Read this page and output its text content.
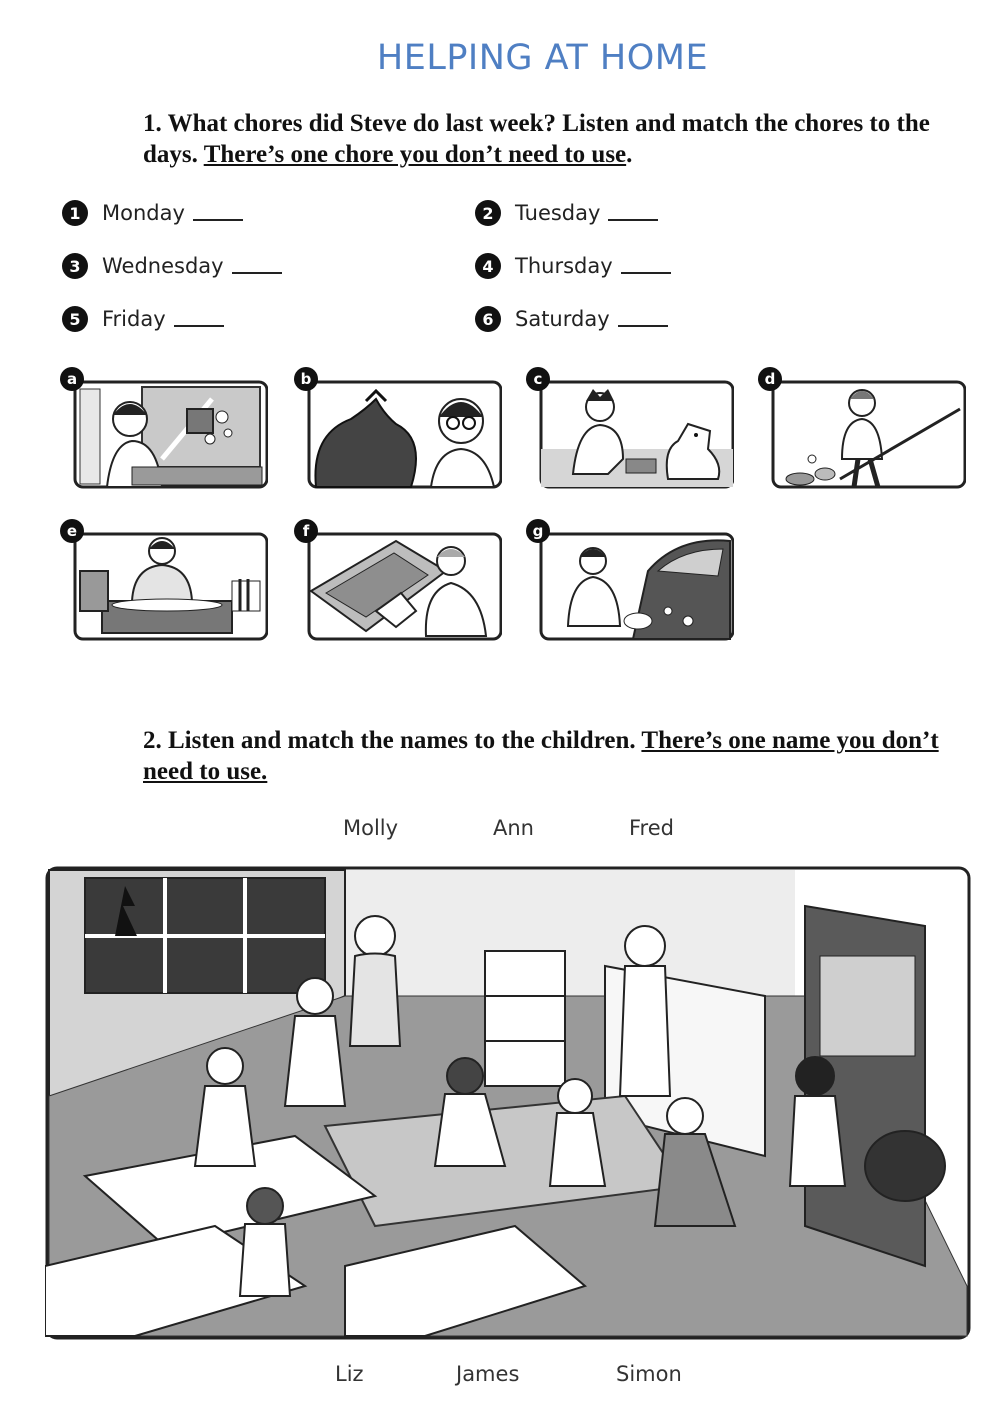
HELPING AT HOME
1. What chores did Steve do last week? Listen and match the chores to the days. There’s one chore you don’t need to use.
1	Monday	2	Tuesday
3	Wednesday	4	Thursday
5	Friday	6	Saturday
a	b	c	d
e	f	g
2. Listen and match the names to the children. There’s one name you don’t need to use.
Molly	Ann	Fred
Liz	James	Simon
